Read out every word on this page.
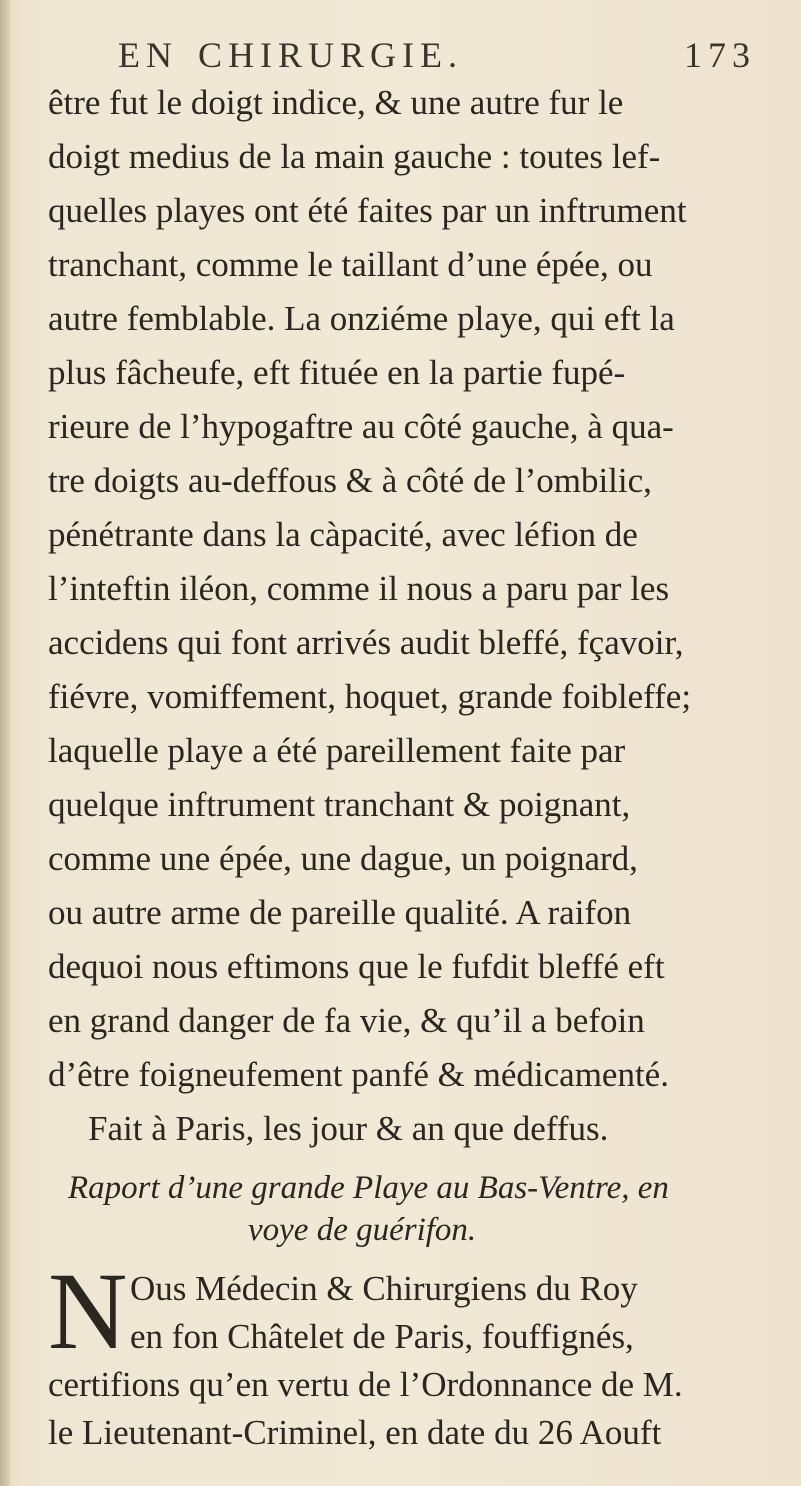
EN CHIRURGIE.	173
être fut le doigt indice, & une autre fur le
doigt medius de la main gauche : toutes lef-
quelles playes ont été faites par un inftrument
tranchant, comme le taillant d’une épée, ou
autre femblable. La onziéme playe, qui eft la
plus fâcheufe, eft fituée en la partie fupé-
rieure de l’hypogaftre au côté gauche, à qua-
tre doigts au-deffous & à côté de l’ombilic,
pénétrante dans la càpacité, avec léfion de
l’inteftin iléon, comme il nous a paru par les
accidens qui font arrivés audit bleffé, fçavoir,
fiévre, vomiffement, hoquet, grande foibleffe;
laquelle playe a été pareillement faite par
quelque inftrument tranchant & poignant,
comme une épée, une dague, un poignard,
ou autre arme de pareille qualité. A raifon
dequoi nous eftimons que le fufdit bleffé eft
en grand danger de fa vie, & qu’il a befoin
d’être foigneufement panfé & médicamenté.
Fait à Paris, les jour & an que deffus.
Raport d’une grande Playe au Bas-Ventre, en
voye de guérifon.
N Ous Médecin & Chirurgiens du Roy
en fon Châtelet de Paris, fouffignés,
certifions qu’en vertu de l’Ordonnance de M.
le Lieutenant-Criminel, en date du 26 Aouft
